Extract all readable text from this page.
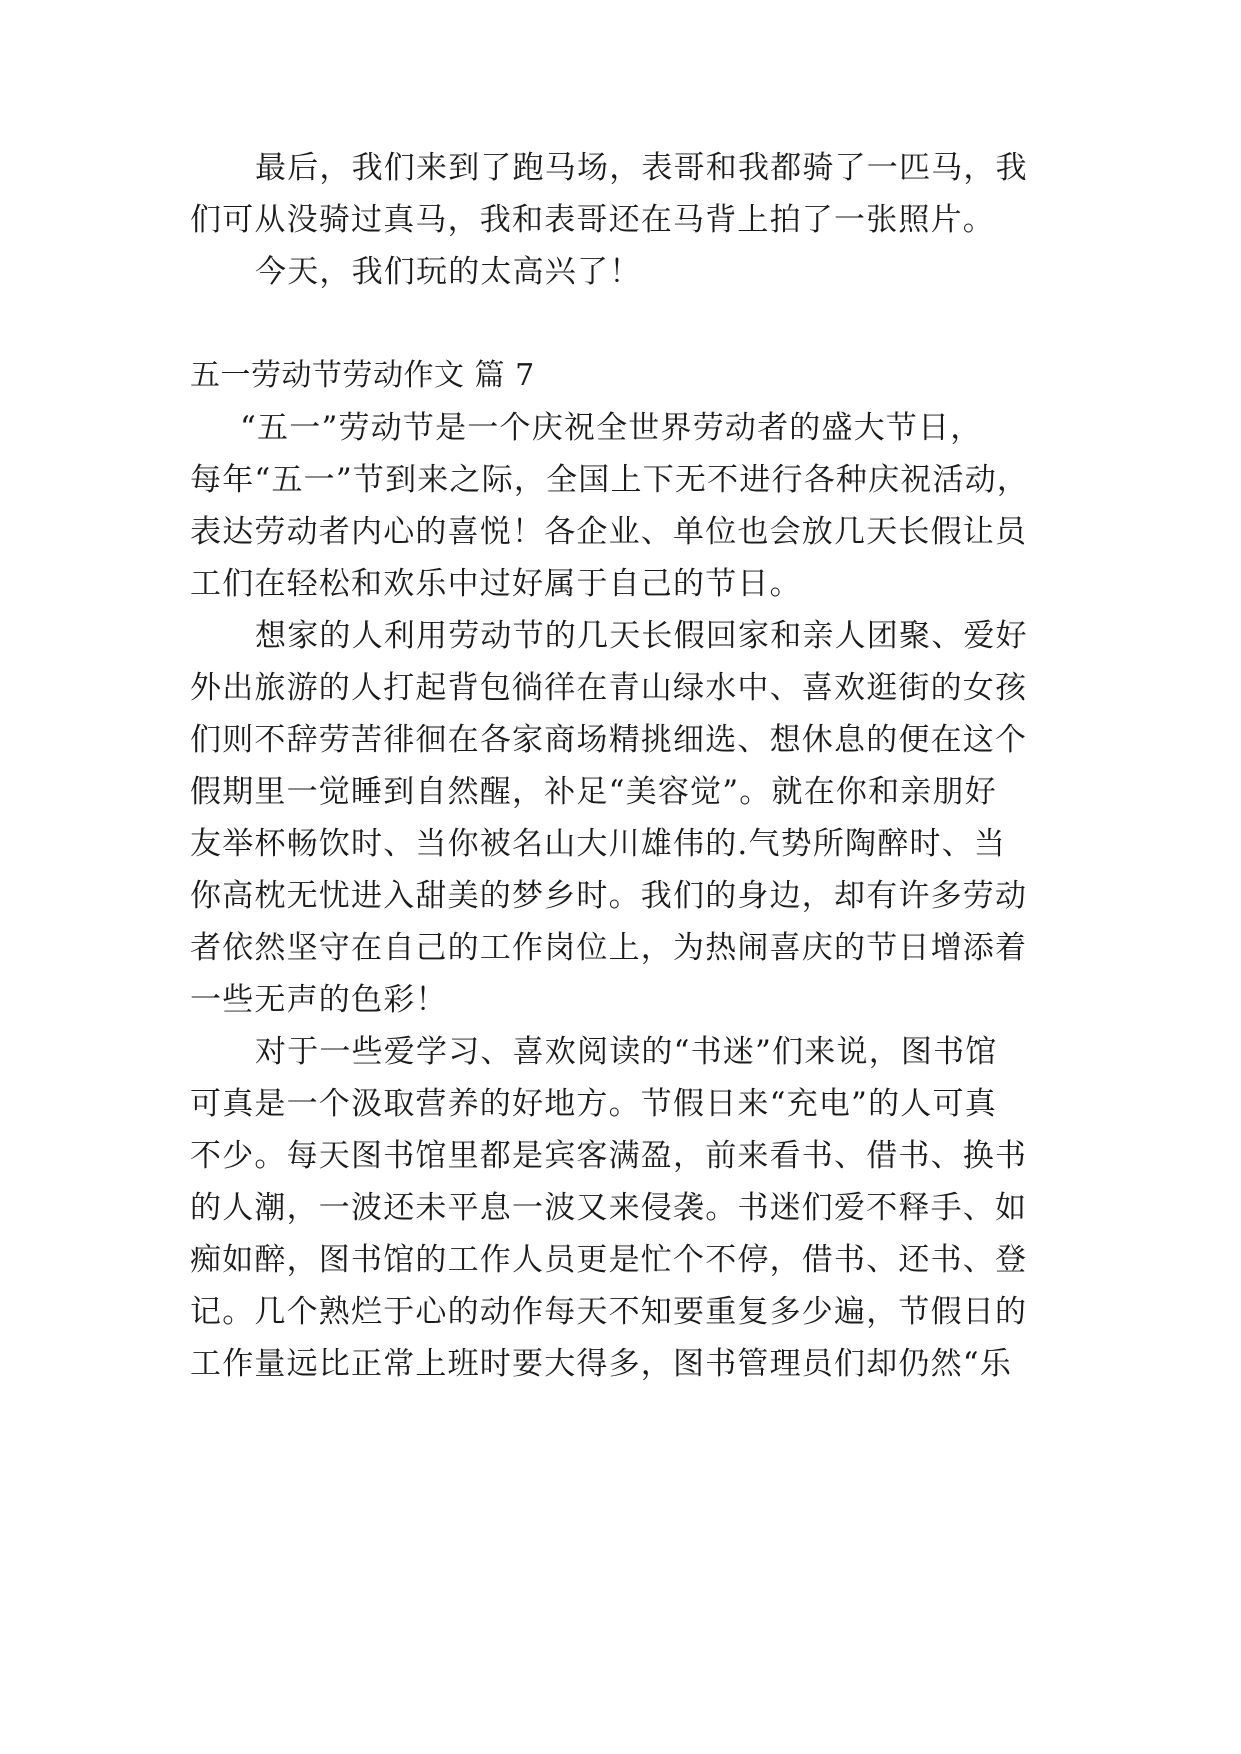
最后，我们来到了跑马场，表哥和我都骑了一匹马，我
们可从没骑过真马，我和表哥还在马背上拍了一张照片。
今天，我们玩的太高兴了！
五一劳动节劳动作文 篇 7
“五一”劳动节是一个庆祝全世界劳动者的盛大节日，
每年“五一”节到来之际，全国上下无不进行各种庆祝活动，
表达劳动者内心的喜悦！各企业、单位也会放几天长假让员
工们在轻松和欢乐中过好属于自己的节日。
想家的人利用劳动节的几天长假回家和亲人团聚、爱好
外出旅游的人打起背包徜徉在青山绿水中、喜欢逛街的女孩
们则不辞劳苦徘徊在各家商场精挑细选、想休息的便在这个
假期里一觉睡到自然醒，补足“美容觉”。就在你和亲朋好
友举杯畅饮时、当你被名山大川雄伟的.气势所陶醉时、当
你高枕无忧进入甜美的梦乡时。我们的身边，却有许多劳动
者依然坚守在自己的工作岗位上，为热闹喜庆的节日增添着
一些无声的色彩！
对于一些爱学习、喜欢阅读的“书迷”们来说，图书馆
可真是一个汲取营养的好地方。节假日来“充电”的人可真
不少。每天图书馆里都是宾客满盈，前来看书、借书、换书
的人潮，一波还未平息一波又来侵袭。书迷们爱不释手、如
痴如醉，图书馆的工作人员更是忙个不停，借书、还书、登
记。几个熟烂于心的动作每天不知要重复多少遍，节假日的
工作量远比正常上班时要大得多，图书管理员们却仍然“乐
